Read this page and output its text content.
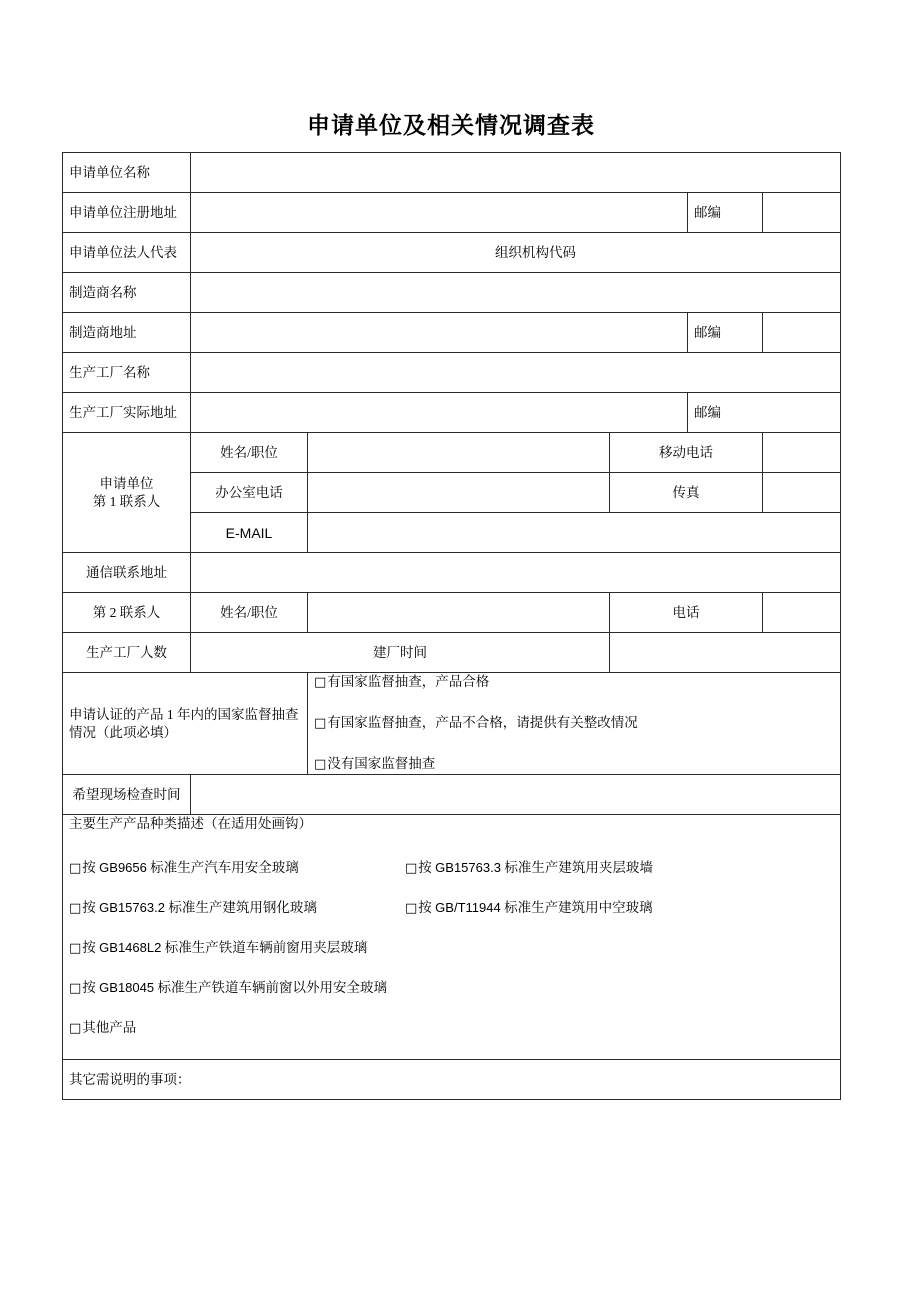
申请单位及相关情况调查表
申请单位名称					
申请单位注册地址				邮编	
申请单位法人代表	组织机构代码				

制造商名称					
制造商地址				邮编	
生产工厂名称					
生产工厂实际地址				邮编	
申请单位
第 1 联系人	姓名/职位		移动电话		
	办公室电话		传真		
	E-MAIL				
通信联系地址					
第 2 联系人	姓名/职位		电话		
生产工厂人数	建厂时间				
申请认证的产品 1 年内的国家监督抽查情况（此项必填）		□有国家监督抽查，产品合格
□有国家监督抽查，产品不合格，请提供有关整改情况
□没有国家监督抽查			

希望现场检查时间					

主要生产产品种类描述（在适用处画钩）
□按 GB9656 标准生产汽车用安全玻璃	□按 GB15763.3 标准生产建筑用夹层玻墙
□按 GB15763.2 标准生产建筑用钢化玻璃	□按 GB/T11944 标准生产建筑用中空玻璃
□按 GB1468L2 标准生产铁道车辆前窗用夹层玻璃
□按 GB18045 标准生产铁道车辆前窗以外用安全玻璃
□其他产品

其它需说明的事项：					
